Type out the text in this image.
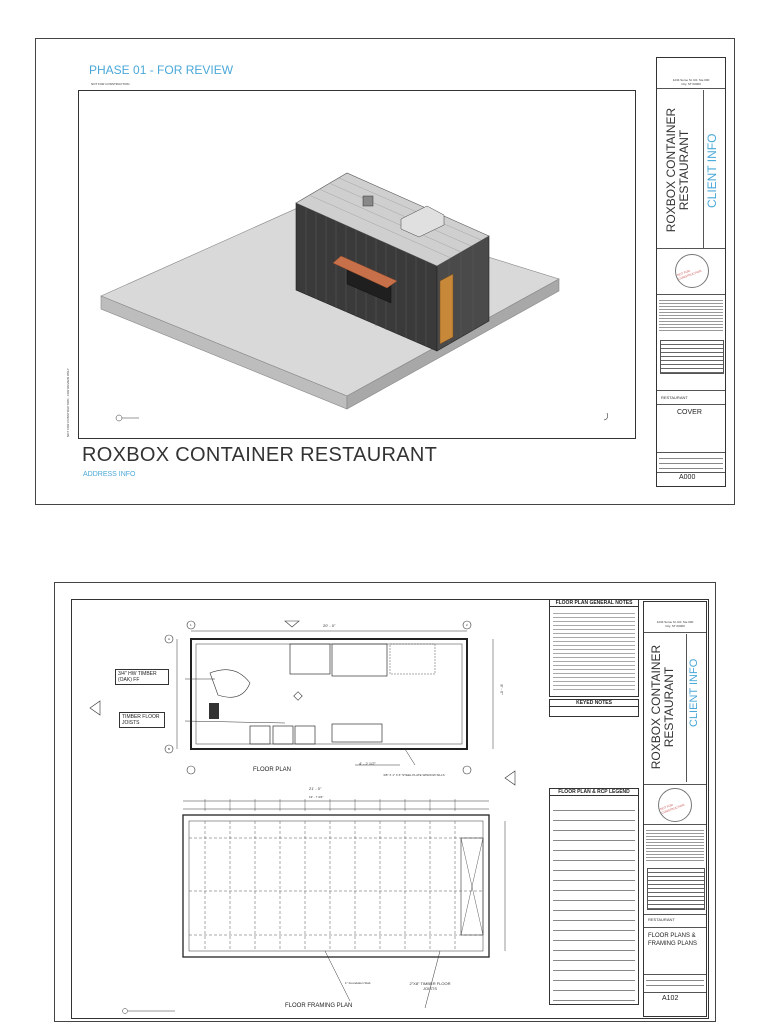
PHASE 01 - FOR REVIEW
NOT FOR CONSTRUCTION
NOT FOR CONSTRUCTION - FOR REVIEW ONLY
ROXBOX CONTAINER RESTAURANT
ADDRESS INFO
1234 Some St. Rd. Ste 000
City, ST 00000
ROXBOX CONTAINER RESTAURANT CLIENT INFO
NOT FOR CONSTRUCTION
RESTAURANT
COVER
A000
1	2
A
B
20' - 0"
8' - 0"
4' - 2 1/2"
21' - 0"
19' - 7 3/4"
3/4" HW TIMBER (OAK) FF
TIMBER FLOOR JOISTS
3/8" X 1" X 6" STEEL PLATE WINDOW SILLS
2"X8" TIMBER FLOOR JOISTS
1" Foundation Slab
FLOOR PLAN
FLOOR FRAMING PLAN
FLOOR PLAN GENERAL NOTES
KEYED NOTES
FLOOR PLAN & RCP LEGEND
1234 Some St. Rd. Ste 000
City, ST 00000
ROXBOX CONTAINER RESTAURANT CLIENT INFO
NOT FOR CONSTRUCTION
RESTAURANT
FLOOR PLANS & FRAMING PLANS
A102
